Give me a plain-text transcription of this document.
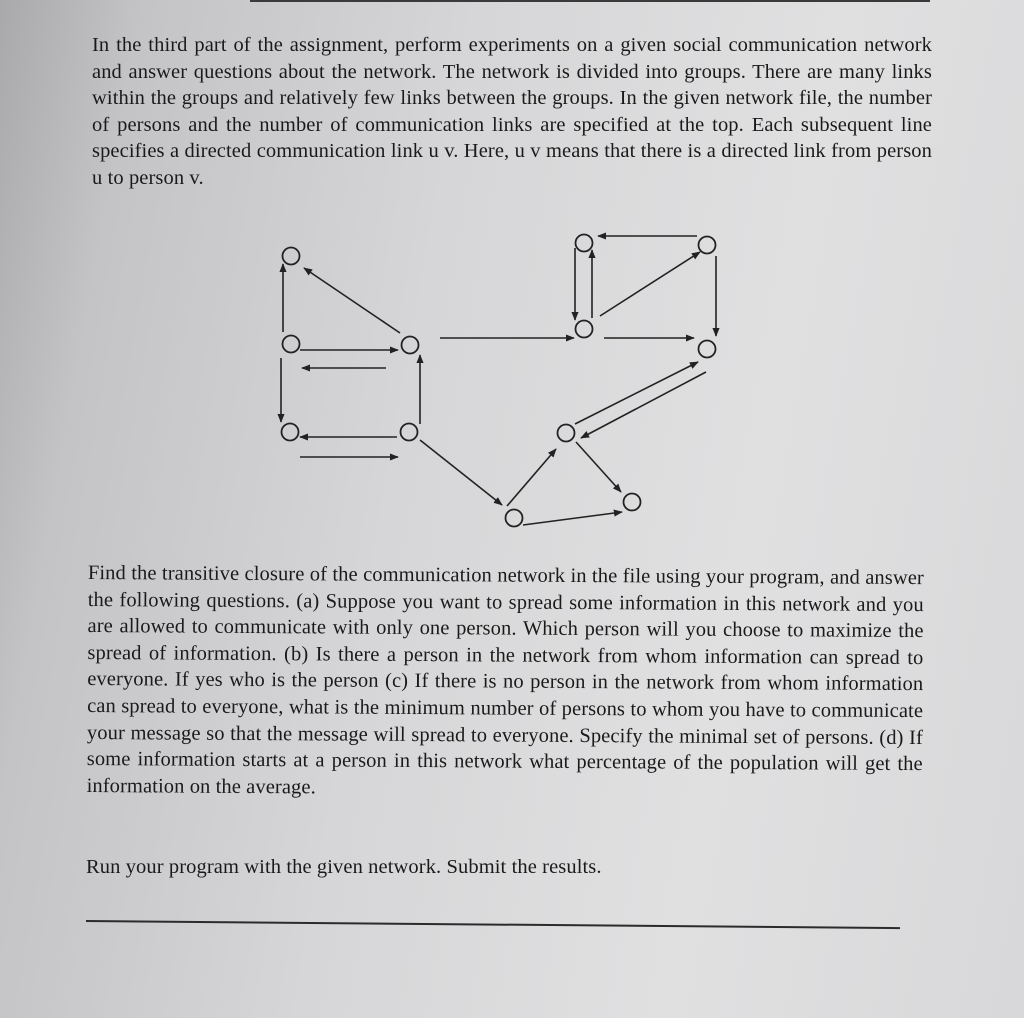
In the third part of the assignment, perform experiments on a given social communication network and answer questions about the network. The network is divided into groups. There are many links within the groups and relatively few links between the groups. In the given network file, the number of persons and the number of communication links are specified at the top. Each subsequent line specifies a directed communication link u v. Here, u v means that there is a directed link from person u to person v.

Find the transitive closure of the communication network in the file using your program, and answer the following questions. (a) Suppose you want to spread some information in this network and you are allowed to communicate with only one person. Which person will you choose to maximize the spread of information. (b) Is there a person in the network from whom information can spread to everyone. If yes who is the person (c) If there is no person in the network from whom information can spread to everyone, what is the minimum number of persons to whom you have to communicate your message so that the message will spread to everyone. Specify the minimal set of persons. (d) If some information starts at a person in this network what percentage of the population will get the information on the average.

Run your program with the given network. Submit the results.
